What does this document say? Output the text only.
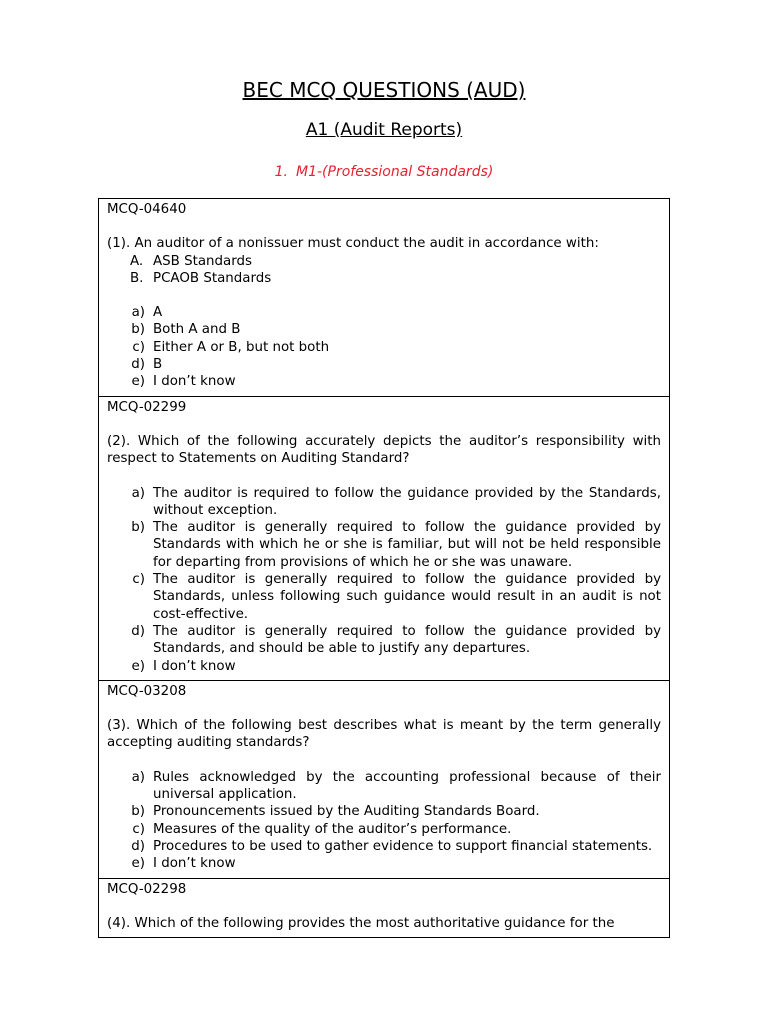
BEC MCQ QUESTIONS (AUD)
A1 (Audit Reports)
1. M1-(Professional Standards)
MCQ-04640
(1). An auditor of a nonissuer must conduct the audit in accordance with:
A. ASB Standards
B. PCAOB Standards
a) A
b) Both A and B
c) Either A or B, but not both
d) B
e) I don’t know
MCQ-02299
(2). Which of the following accurately depicts the auditor’s responsibility with respect to Statements on Auditing Standard?
a) The auditor is required to follow the guidance provided by the Standards, without exception.
b) The auditor is generally required to follow the guidance provided by Standards with which he or she is familiar, but will not be held responsible for departing from provisions of which he or she was unaware.
c) The auditor is generally required to follow the guidance provided by Standards, unless following such guidance would result in an audit is not cost-effective.
d) The auditor is generally required to follow the guidance provided by Standards, and should be able to justify any departures.
e) I don’t know
MCQ-03208
(3). Which of the following best describes what is meant by the term generally accepting auditing standards?
a) Rules acknowledged by the accounting professional because of their universal application.
b) Pronouncements issued by the Auditing Standards Board.
c) Measures of the quality of the auditor’s performance.
d) Procedures to be used to gather evidence to support financial statements.
e) I don’t know
MCQ-02298
(4). Which of the following provides the most authoritative guidance for the
